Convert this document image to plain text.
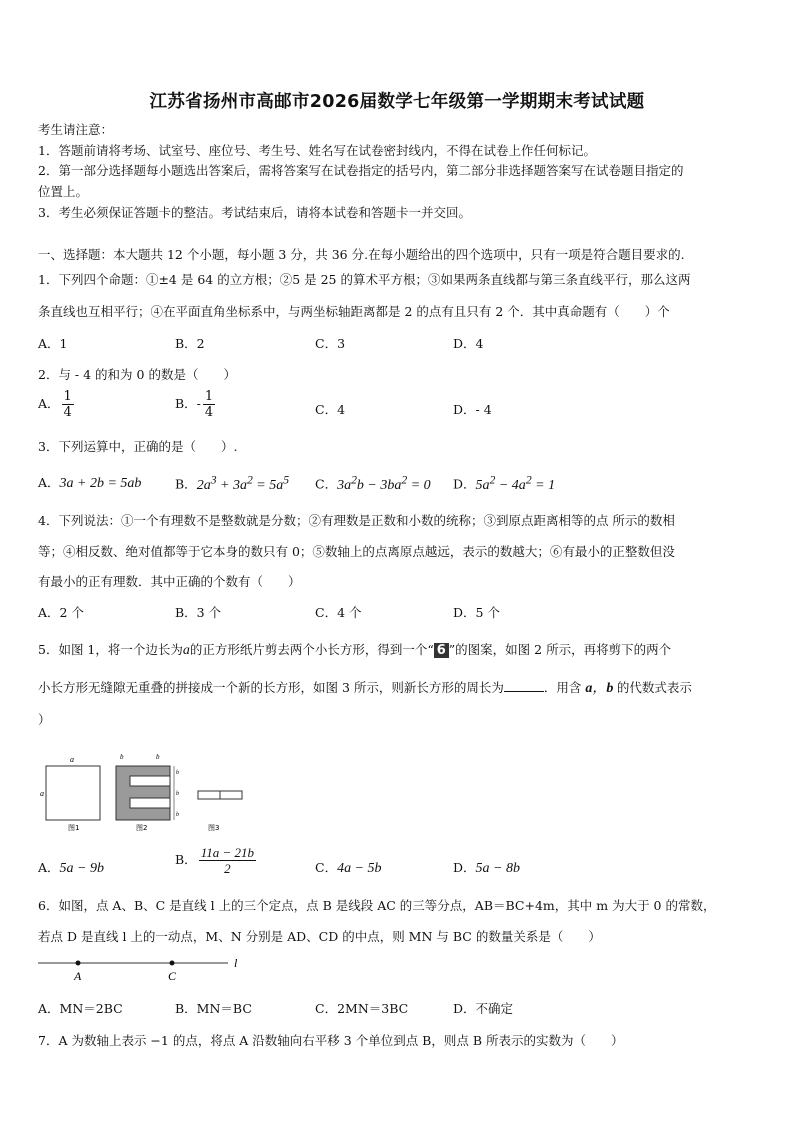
江苏省扬州市高邮市2026届数学七年级第一学期期末考试试题
考生请注意：
1．答题前请将考场、试室号、座位号、考生号、姓名写在试卷密封线内，不得在试卷上作任何标记。
2．第一部分选择题每小题选出答案后，需将答案写在试卷指定的括号内，第二部分非选择题答案写在试卷题目指定的
位置上。
3．考生必须保证答题卡的整洁。考试结束后，请将本试卷和答题卡一并交回。
一、选择题：本大题共 12 个小题，每小题 3 分，共 36 分.在每小题给出的四个选项中，只有一项是符合题目要求的.
1．下列四个命题：①±4 是 64 的立方根；②5 是 25 的算术平方根；③如果两条直线都与第三条直线平行，那么这两
条直线也互相平行；④在平面直角坐标系中，与两坐标轴距离都是 2 的点有且只有 2 个．其中真命题有（　　）个
A．1	B．2	C．3	D．4
2．与 - 4 的和为 0 的数是（　　）
A． $\frac{1}{4}$	B．- $\frac{1}{4}$	C．4	D．- 4
3．下列运算中，正确的是（　　）.
A．3a + 2b = 5ab	B．$2a^3 + 3a^2 = 5a^5$ C．$3a^2b - 3ba^2 = 0$ D．$5a^2 - 4a^2 = 1$
4．下列说法：①一个有理数不是整数就是分数；②有理数是正数和小数的统称；③到原点距离相等的点 所示的数相
等；④相反数、绝对值都等于它本身的数只有 0；⑤数轴上的点离原点越远，表示的数越大；⑥有最小的正整数但没
有最小的正有理数．其中正确的个数有（　　）
A．2 个	B．3 个	C．4 个	D．5 个
5．如图 1，将一个边长为a的正方形纸片剪去两个小长方形，得到一个“ 6 ”的图案，如图 2 所示，再将剪下的两个
小长方形无缝隙无重叠的拼接成一个新的长方形，如图 3 所示，则新长方形的周长为	．用含 a，b 的代数式表示
）
a
a
图1
b	b
b
b
b
图2	图3
A．5a − 9b
B． $\frac{11a - 21b}{2}$	C．4a − 5b	D．5a − 8b
6．如图，点 A、B、C 是直线 l 上的三个定点，点 B 是线段 AC 的三等分点，AB＝BC+4m，其中 m 为大于 0 的常数，
若点 D 是直线 l 上的一动点，M、N 分别是 AD、CD 的中点，则 MN 与 BC 的数量关系是（　　）
A	C
l
A．MN＝2BC	B．MN＝BC	C．2MN＝3BC	D．不确定
7．A 为数轴上表示 −1 的点，将点 A 沿数轴向右平移 3 个单位到点 B，则点 B 所表示的实数为（　　）
